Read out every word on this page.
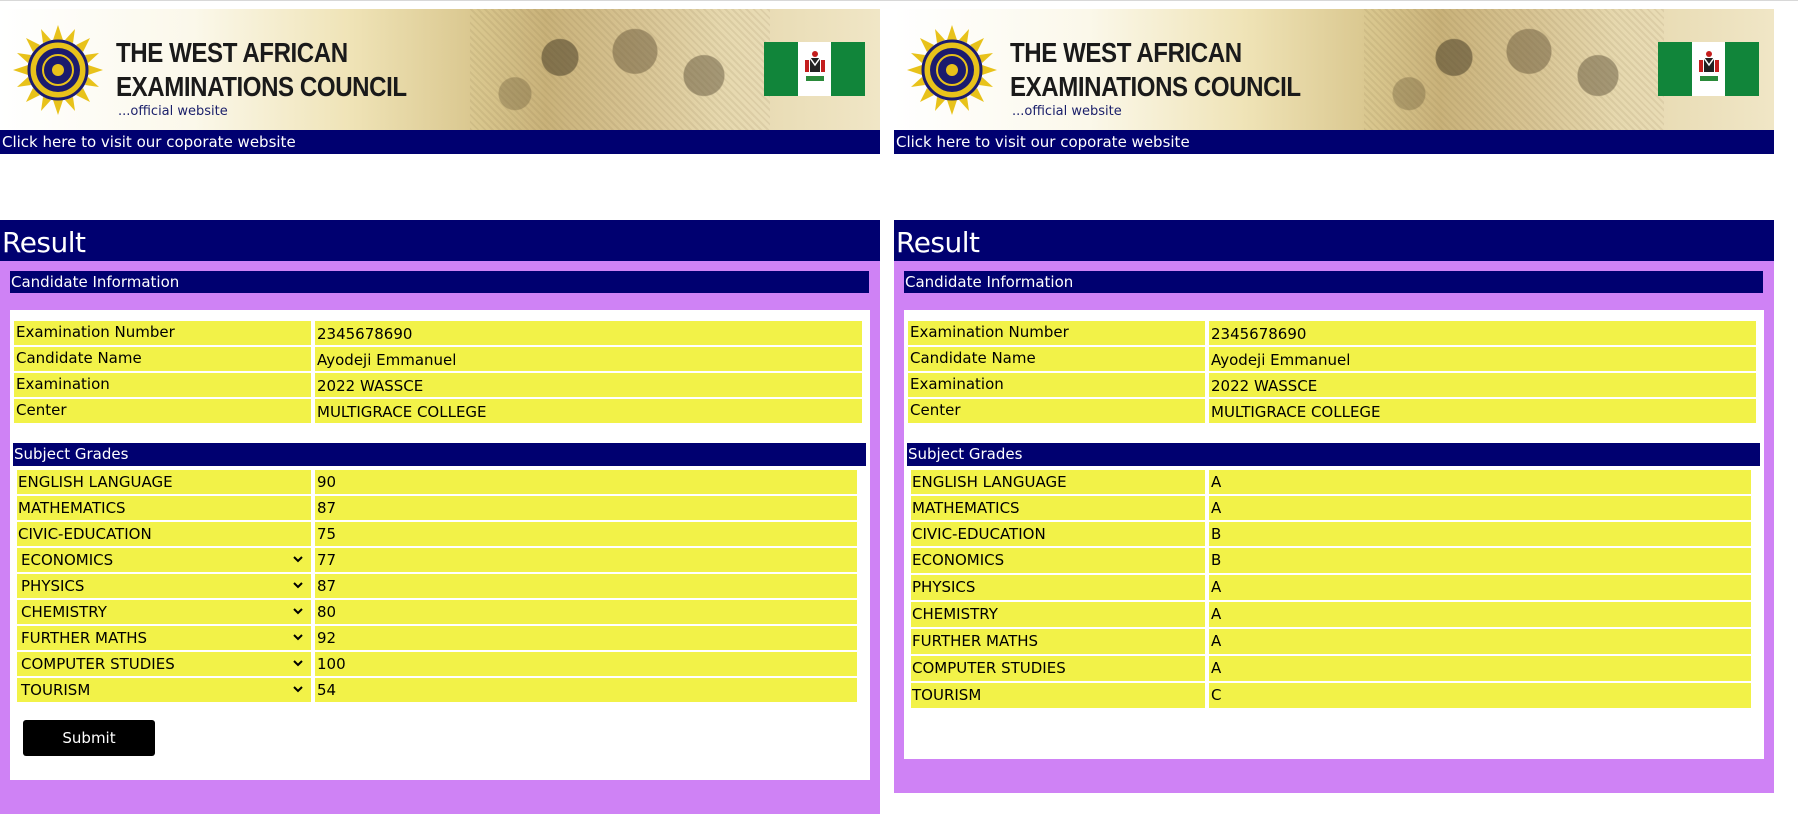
THE WEST AFRICAN
EXAMINATIONS COUNCIL
...official website
Click here to visit our coporate website
Result
Candidate Information
Examination Number	2345678690
Candidate Name	Ayodeji Emmanuel
Examination	2022 WASSCE
Center	MULTIGRACE COLLEGE
Subject Grades
ENGLISH LANGUAGE	90
MATHEMATICS	87
CIVIC-EDUCATION	75
ECONOMICS	77
PHYSICS	87
CHEMISTRY	80
FURTHER MATHS	92
COMPUTER STUDIES	100
TOURISM	54
Submit
THE WEST AFRICAN
EXAMINATIONS COUNCIL
...official website
Click here to visit our coporate website
Result
Candidate Information
Examination Number	2345678690
Candidate Name	Ayodeji Emmanuel
Examination	2022 WASSCE
Center	MULTIGRACE COLLEGE
Subject Grades
ENGLISH LANGUAGE	A
MATHEMATICS	A
CIVIC-EDUCATION	B
ECONOMICS	B
PHYSICS	A
CHEMISTRY	A
FURTHER MATHS	A
COMPUTER STUDIES	A
TOURISM	C
